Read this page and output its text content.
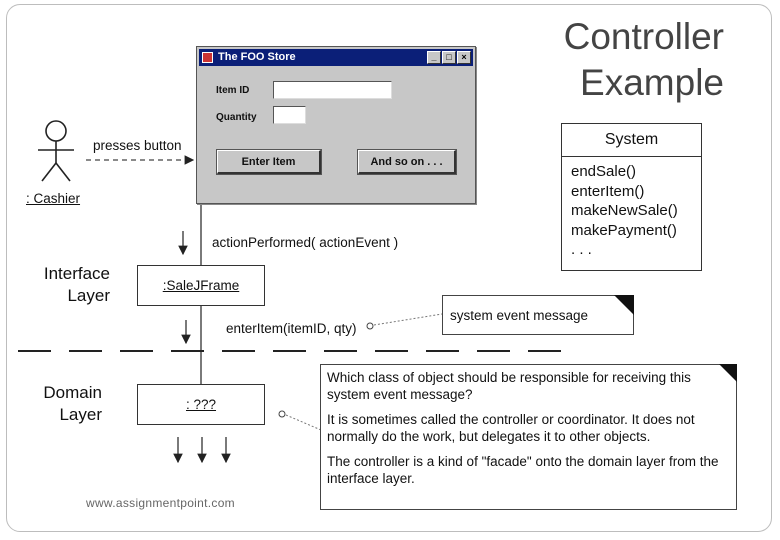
Controller
Example
The FOO Store	_	□	×
Item ID
Quantity
Enter Item	And so on . . .
presses button
: Cashier
actionPerformed( actionEvent )
enterItem(itemID, qty)
Interface
Layer
Domain
Layer
:SaleJFrame
: ???
System
endSale()
enterItem()
makeNewSale()
makePayment()
. . .
system event message

Which class of object should be responsible for receiving this system event message?

It is sometimes called the controller or coordinator. It does not normally do the work, but delegates it to other objects.

The controller is a kind of "facade" onto the domain layer from the interface layer.

www.assignmentpoint.com
